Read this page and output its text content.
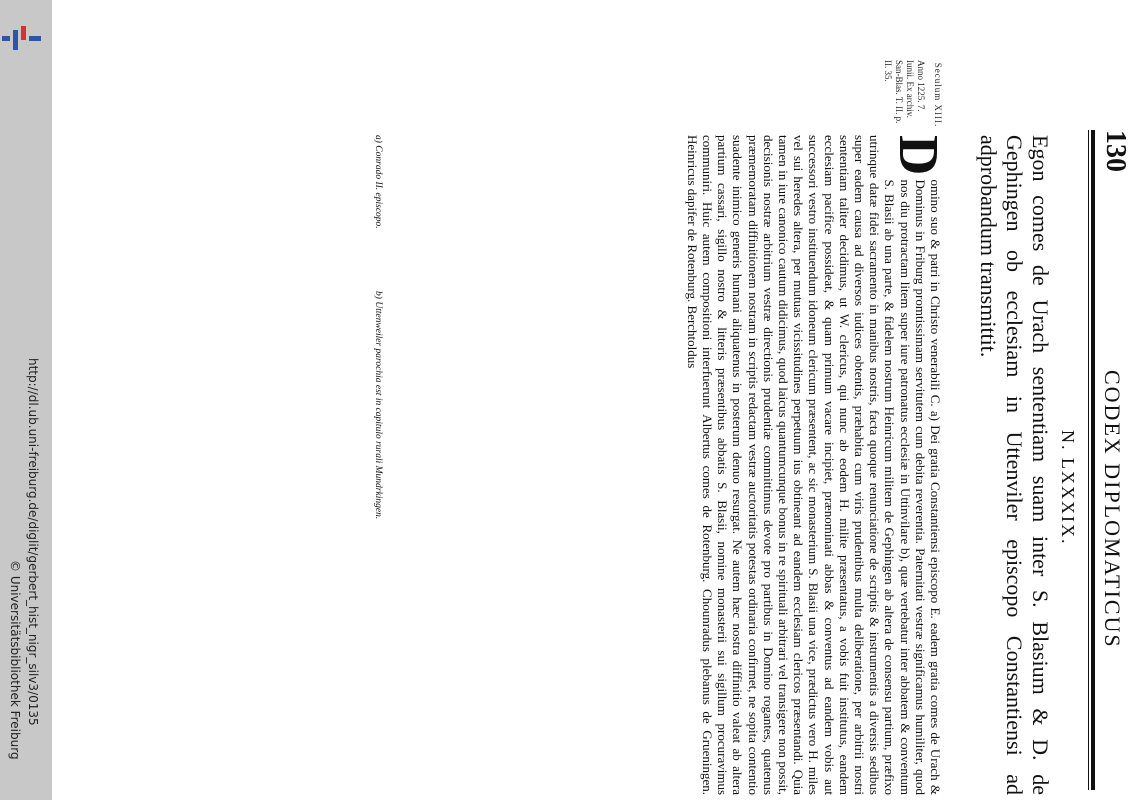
http://dl.ub.uni-freiburg.de/diglit/gerbert_hist_nigr_silv3/0135
© Universitätsbibliothek Freiburg
130
CODEX DIPLOMATICUS
N. LXXXIX.
Egon comes de Urach sententiam suam inter S. Blasium & D. de Gephingen ob ecclesiam in Uttenviler episcopo Constantiensi ad adprobandum transmittit.
Seculum XIII.
Anno 1225. 7. Iunii. Ex archiv. San-Blas. T. II. p. II. 35.
D
omino suo & patri in Christo venerabili C. a) Dei gratia Constantiensi episcopo E. eadem gratia comes de Urach & Dominus in Friburg promtissimam servitutem cum debita reverentia. Paternitati vestræ significamus humiliter, quod nos diu protractam litem super iure patronatus ecclesiæ in Uttinvilare b), quæ vertebatur inter abbatem & conventum S. Blasii ab una parte, & fidelem nostrum Heinricum militem de Gephingen ab altera de consensu partium, præfixo utrinque datæ fidei sacramento in manibus nostris, facta quoque renunciatione de scriptis & instrumentis a diversis sedibus super eadem causa ad diversos iudices obtentis, præhabita cum viris prudentibus multa deliberatione, per arbitrii nostri sententiam taliter decidimus, ut W. clericus, qui nunc ab eodem H. milite præsentatus, a vobis fuit institutus, eandem ecclesiam pacifice possideat, & quam primum vacare incipiet, prænominati abbas & conventus ad eandem vobis aut successori vestro instituendum idoneum clericum præsentent, ac sic monasterium S. Blasii una vice, prædictus vero H. miles vel sui heredes altera, per mutuas vicissitudines perpetuum ius obtineant ad eandem ecclesiam clericos præsentandi. Quia tamen in iure canonico cautum didicimus, quod laicus quantumcunque bonus in re spirituali arbitrari vel transigere non possit, decisionis nostræ arbitrium vestræ directionis prudentiæ committimus devote pro partibus in Domino rogantes, quatenus præmemoratam diffinitionem nostram in scriptis redactam vestræ auctoritatis potestas ordinaria confirmet, ne sopita contentio suadente inimico generis humani aliquatenus in posterum denuo resurgat. Ne autem hæc nostra diffinitio valeat ab altera partium cassari, sigillo nostro & litteris præsentibus abbatis S. Blasii, nomine monasterii sui sigillum procuravimus communiri. Huic autem compositioni interfuerunt Albertus comes de Rotenburg. Chounradus plebanus de Grueningen. Heinricus dapifer de Rotenburg. Berchtoldus
a) Conrado II. episcopo. b) Uttenweiler parochia est in capitulo rurali Mundrkingen.
